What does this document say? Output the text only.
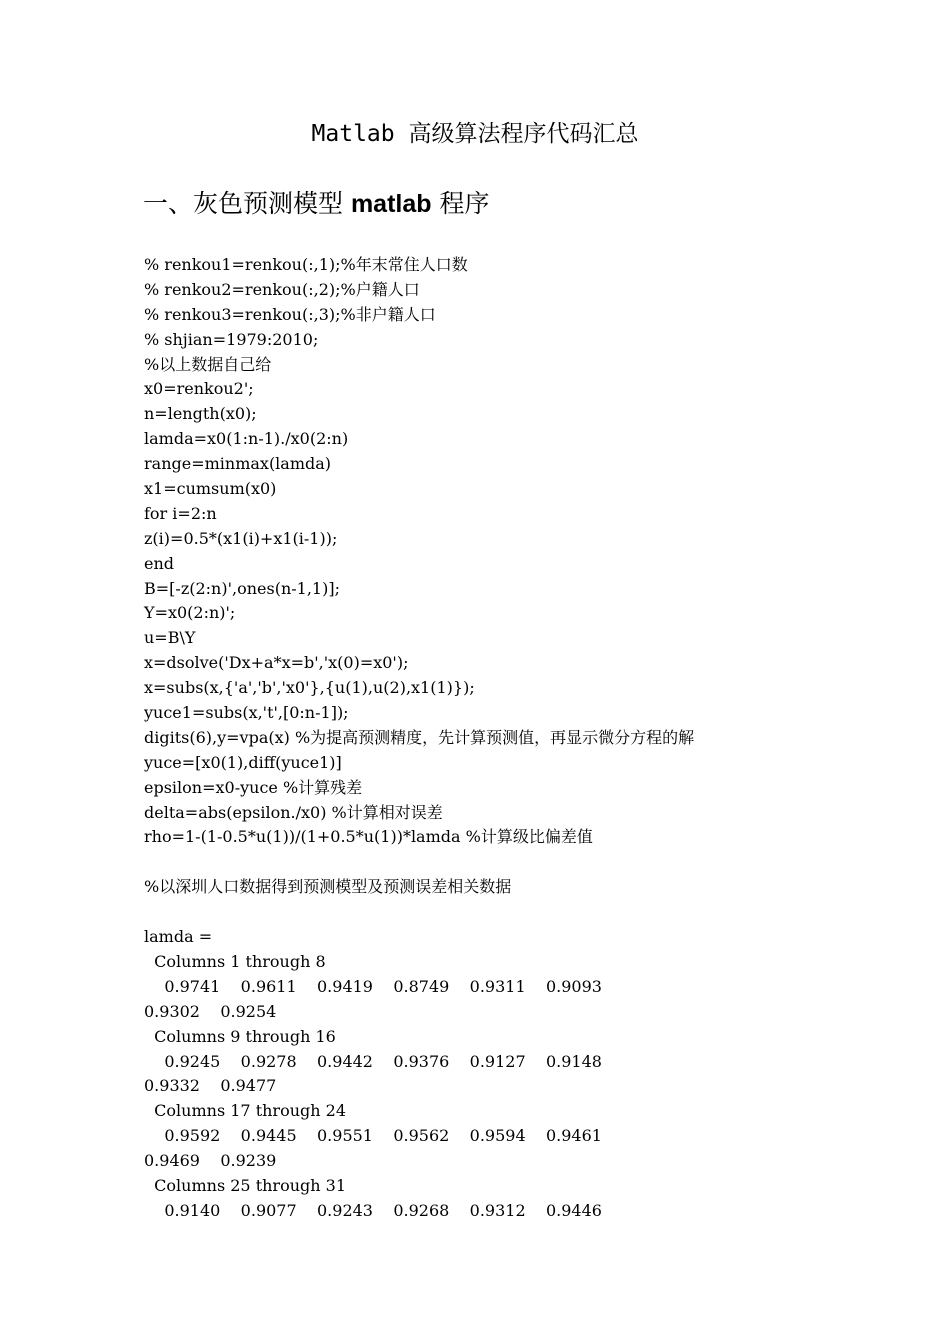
Matlab 高级算法程序代码汇总
一、灰色预测模型 matlab 程序
% renkou1=renkou(:,1);%年末常住人口数
% renkou2=renkou(:,2);%户籍人口
% renkou3=renkou(:,3);%非户籍人口
% shjian=1979:2010;
%以上数据自己给
x0=renkou2';
n=length(x0);
lamda=x0(1:n-1)./x0(2:n)
range=minmax(lamda)
x1=cumsum(x0)
for i=2:n
z(i)=0.5*(x1(i)+x1(i-1));
end
B=[-z(2:n)',ones(n-1,1)];
Y=x0(2:n)';
u=B\Y
x=dsolve('Dx+a*x=b','x(0)=x0');
x=subs(x,{'a','b','x0'},{u(1),u(2),x1(1)});
yuce1=subs(x,'t',[0:n-1]);
digits(6),y=vpa(x) %为提高预测精度，先计算预测值，再显示微分方程的解
yuce=[x0(1),diff(yuce1)]
epsilon=x0-yuce %计算残差
delta=abs(epsilon./x0) %计算相对误差
rho=1-(1-0.5*u(1))/(1+0.5*u(1))*lamda %计算级比偏差值
%以深圳人口数据得到预测模型及预测误差相关数据
lamda =
Columns 1 through 8
0.9741    0.9611    0.9419    0.8749    0.9311    0.9093
0.9302    0.9254
Columns 9 through 16
0.9245    0.9278    0.9442    0.9376    0.9127    0.9148
0.9332    0.9477
Columns 17 through 24
0.9592    0.9445    0.9551    0.9562    0.9594    0.9461
0.9469    0.9239
Columns 25 through 31
0.9140    0.9077    0.9243    0.9268    0.9312    0.9446
